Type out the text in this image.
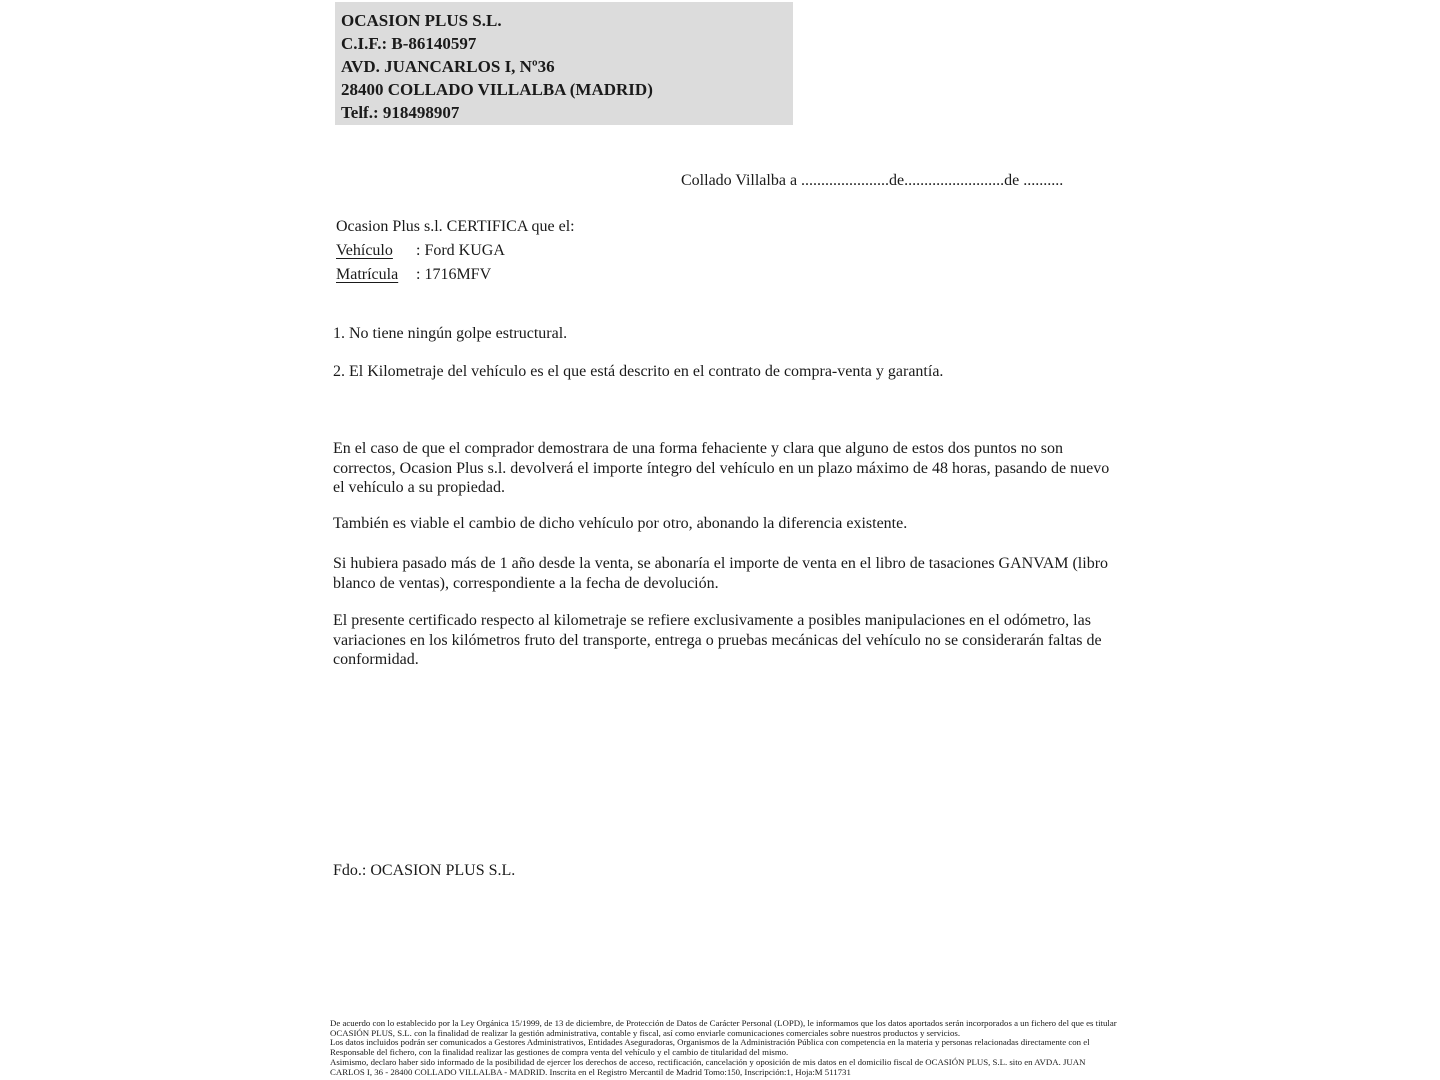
OCASION PLUS S.L.
C.I.F.: B-86140597
AVD. JUANCARLOS I, Nº36
28400 COLLADO VILLALBA (MADRID)
Telf.: 918498907
Collado Villalba a ......................de.........................de ..........
Ocasion Plus s.l. CERTIFICA que el:
Vehículo : Ford KUGA
Matrícula : 1716MFV
1. No tiene ningún golpe estructural.
2. El Kilometraje del vehículo es el que está descrito en el contrato de compra-venta y garantía.
En el caso de que el comprador demostrara de una forma fehaciente y clara que alguno de estos dos puntos no son correctos, Ocasion Plus s.l. devolverá el importe íntegro del vehículo en un plazo máximo de 48 horas, pasando de nuevo el vehículo a su propiedad.
También es viable el cambio de dicho vehículo por otro, abonando la diferencia existente.
Si hubiera pasado más de 1 año desde la venta, se abonaría el importe de venta en el libro de tasaciones GANVAM (libro blanco de ventas), correspondiente a la fecha de devolución.
El presente certificado respecto al kilometraje se refiere exclusivamente a posibles manipulaciones en el odómetro, las variaciones en los kilómetros fruto del transporte, entrega o pruebas mecánicas del vehículo no se considerarán faltas de conformidad.
Fdo.: OCASION PLUS S.L.
De acuerdo con lo establecido por la Ley Orgánica 15/1999, de 13 de diciembre, de Protección de Datos de Carácter Personal (LOPD), le informamos que los datos aportados serán incorporados a un fichero del que es titular
OCASIÓN PLUS, S.L. con la finalidad de realizar la gestión administrativa, contable y fiscal, así como enviarle comunicaciones comerciales sobre nuestros productos y servicios.
Los datos incluidos podrán ser comunicados a Gestores Administrativos, Entidades Aseguradoras, Organismos de la Administración Pública con competencia en la materia y personas relacionadas directamente con el
Responsable del fichero, con la finalidad realizar las gestiones de compra venta del vehículo y el cambio de titularidad del mismo.
Asimismo, declaro haber sido informado de la posibilidad de ejercer los derechos de acceso, rectificación, cancelación y oposición de mis datos en el domicilio fiscal de OCASIÓN PLUS, S.L. sito en AVDA. JUAN
CARLOS I, 36 - 28400 COLLADO VILLALBA - MADRID. Inscrita en el Registro Mercantil de Madrid Tomo:150, Inscripción:1, Hoja:M 511731
